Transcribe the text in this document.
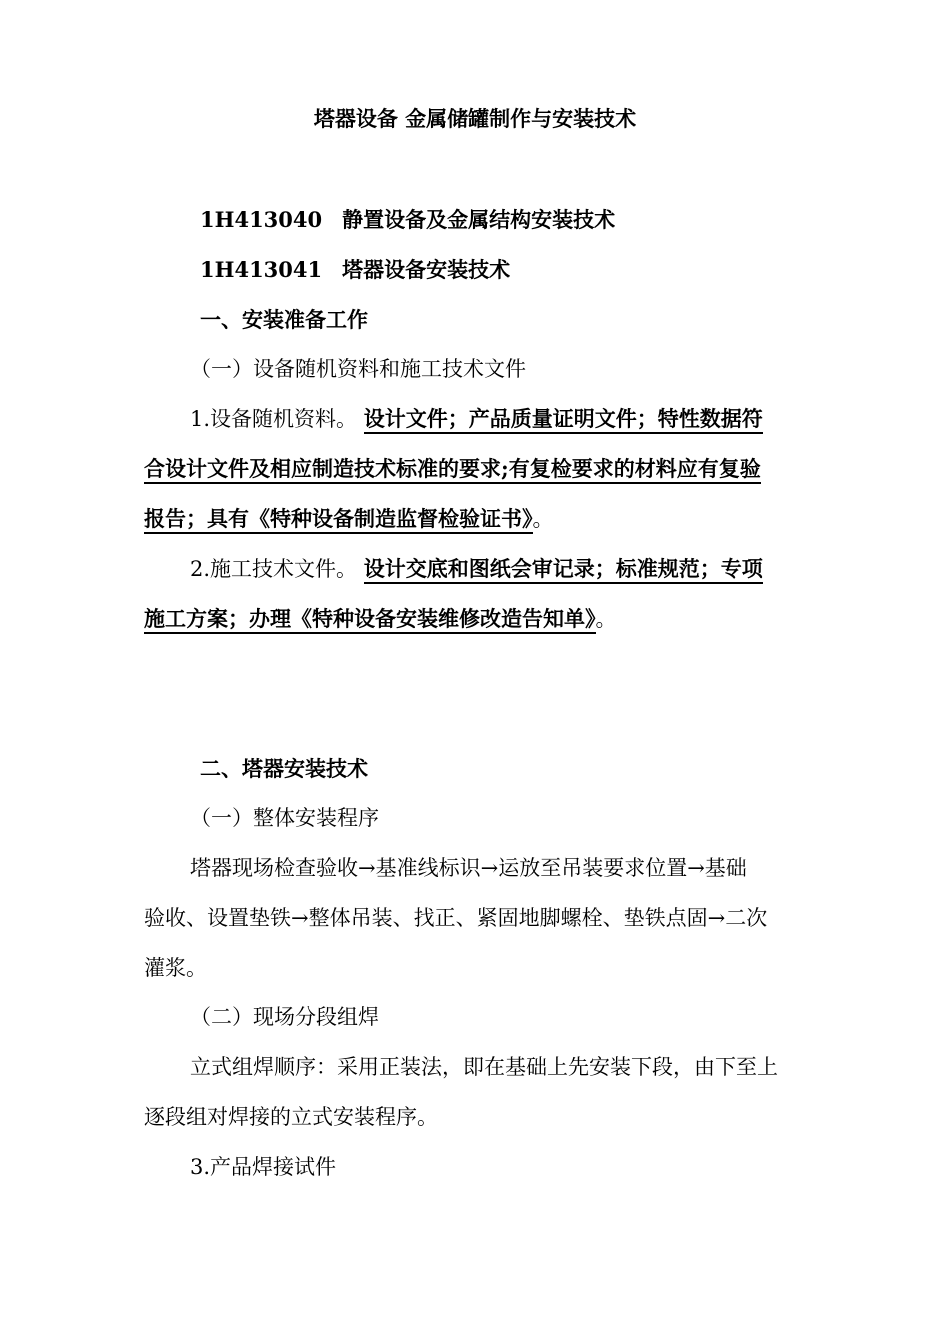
塔器设备 金属储罐制作与安装技术
1H413040 静置设备及金属结构安装技术
1H413041 塔器设备安装技术
一、安装准备工作
（一）设备随机资料和施工技术文件
1.设备随机资料。 设计文件；产品质量证明文件；特性数据符
合设计文件及相应制造技术标准的要求;有复检要求的材料应有复验
报告；具有《特种设备制造监督检验证书》。
2.施工技术文件。 设计交底和图纸会审记录；标准规范；专项
施工方案；办理《特种设备安装维修改造告知单》。
二、塔器安装技术
（一）整体安装程序
塔器现场检查验收→基准线标识→运放至吊装要求位置→基础
验收、设置垫铁→整体吊装、找正、紧固地脚螺栓、垫铁点固→二次
灌浆。
（二）现场分段组焊
立式组焊顺序：采用正装法，即在基础上先安装下段，由下至上
逐段组对焊接的立式安装程序。
3.产品焊接试件
